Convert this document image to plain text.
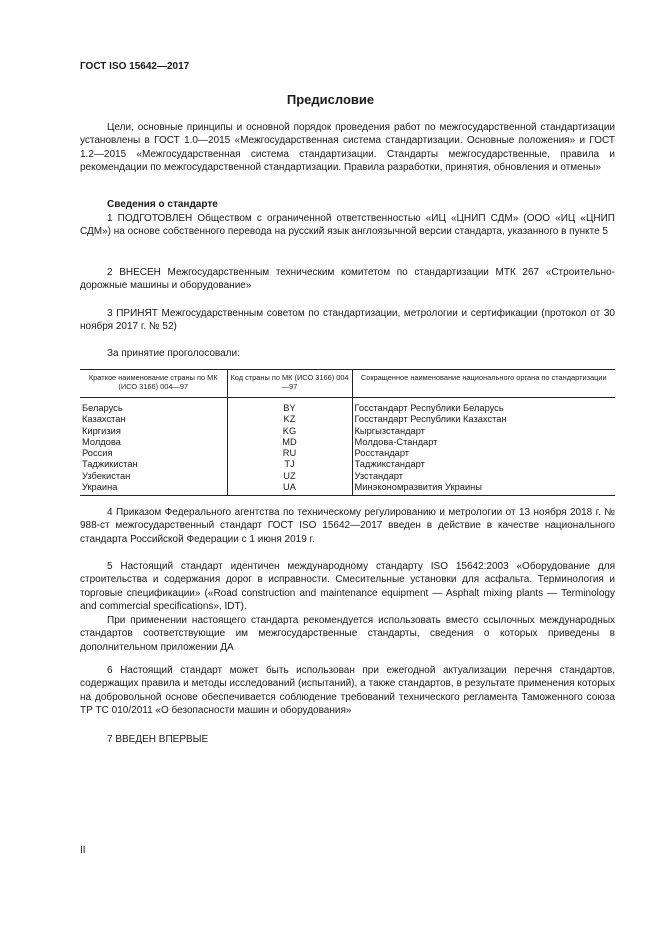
ГОСТ ISO 15642—2017
Предисловие

Цели, основные принципы и основной порядок проведения работ по межгосударственной стандартизации установлены в ГОСТ 1.0—2015 «Межгосударственная система стандартизации. Основные положения» и ГОСТ 1.2—2015 «Межгосударственная система стандартизации. Стандарты межгосударственные, правила и рекомендации по межгосударственной стандартизации. Правила разработки, принятия, обновления и отмены»

Сведения о стандарте

1 ПОДГОТОВЛЕН Обществом с ограниченной ответственностью «ИЦ «ЦНИП СДМ» (ООО «ИЦ «ЦНИП СДМ») на основе собственного перевода на русский язык англоязычной версии стандарта, указанного в пункте 5

2 ВНЕСЕН Межгосударственным техническим комитетом по стандартизации МТК 267 «Строительно-дорожные машины и оборудование»

3 ПРИНЯТ Межгосударственным советом по стандартизации, метрологии и сертификации (протокол от 30 ноября 2017 г. № 52)

За принятие проголосовали:

Краткое наименование страны по МК (ИСО 3166) 004—97	Код страны по МК (ИСО 3166) 004—97	Сокращенное наименование национального органа по стандартизации
Беларусь	BY	Госстандарт Республики Беларусь
Казахстан	KZ	Госстандарт Республики Казахстан
Киргизия	KG	Кыргызстандарт
Молдова	MD	Молдова-Стандарт
Россия	RU	Росстандарт
Таджикистан	TJ	Таджикстандарт
Узбекистан	UZ	Узстандарт
Украина	UA	Минэкономразвития Украины

4 Приказом Федерального агентства по техническому регулированию и метрологии от 13 ноября 2018 г. № 988-ст межгосударственный стандарт ГОСТ ISO 15642—2017 введен в действие в качестве национального стандарта Российской Федерации с 1 июня 2019 г.

5 Настоящий стандарт идентичен международному стандарту ISO 15642:2003 «Оборудование для строительства и содержания дорог в исправности. Смесительные установки для асфальта. Терминология и торговые спецификации» («Road construction and maintenance equipment — Asphalt mixing plants — Terminology and commercial specifications», IDT).

При применении настоящего стандарта рекомендуется использовать вместо ссылочных международных стандартов соответствующие им межгосударственные стандарты, сведения о которых приведены в дополнительном приложении ДА

6 Настоящий стандарт может быть использован при ежегодной актуализации перечня стандартов, содержащих правила и методы исследований (испытаний), а также стандартов, в результате применения которых на добровольной основе обеспечивается соблюдение требований технического регламента Таможенного союза ТР ТС 010/2011 «О безопасности машин и оборудования»

7 ВВЕДЕН ВПЕРВЫЕ

II
